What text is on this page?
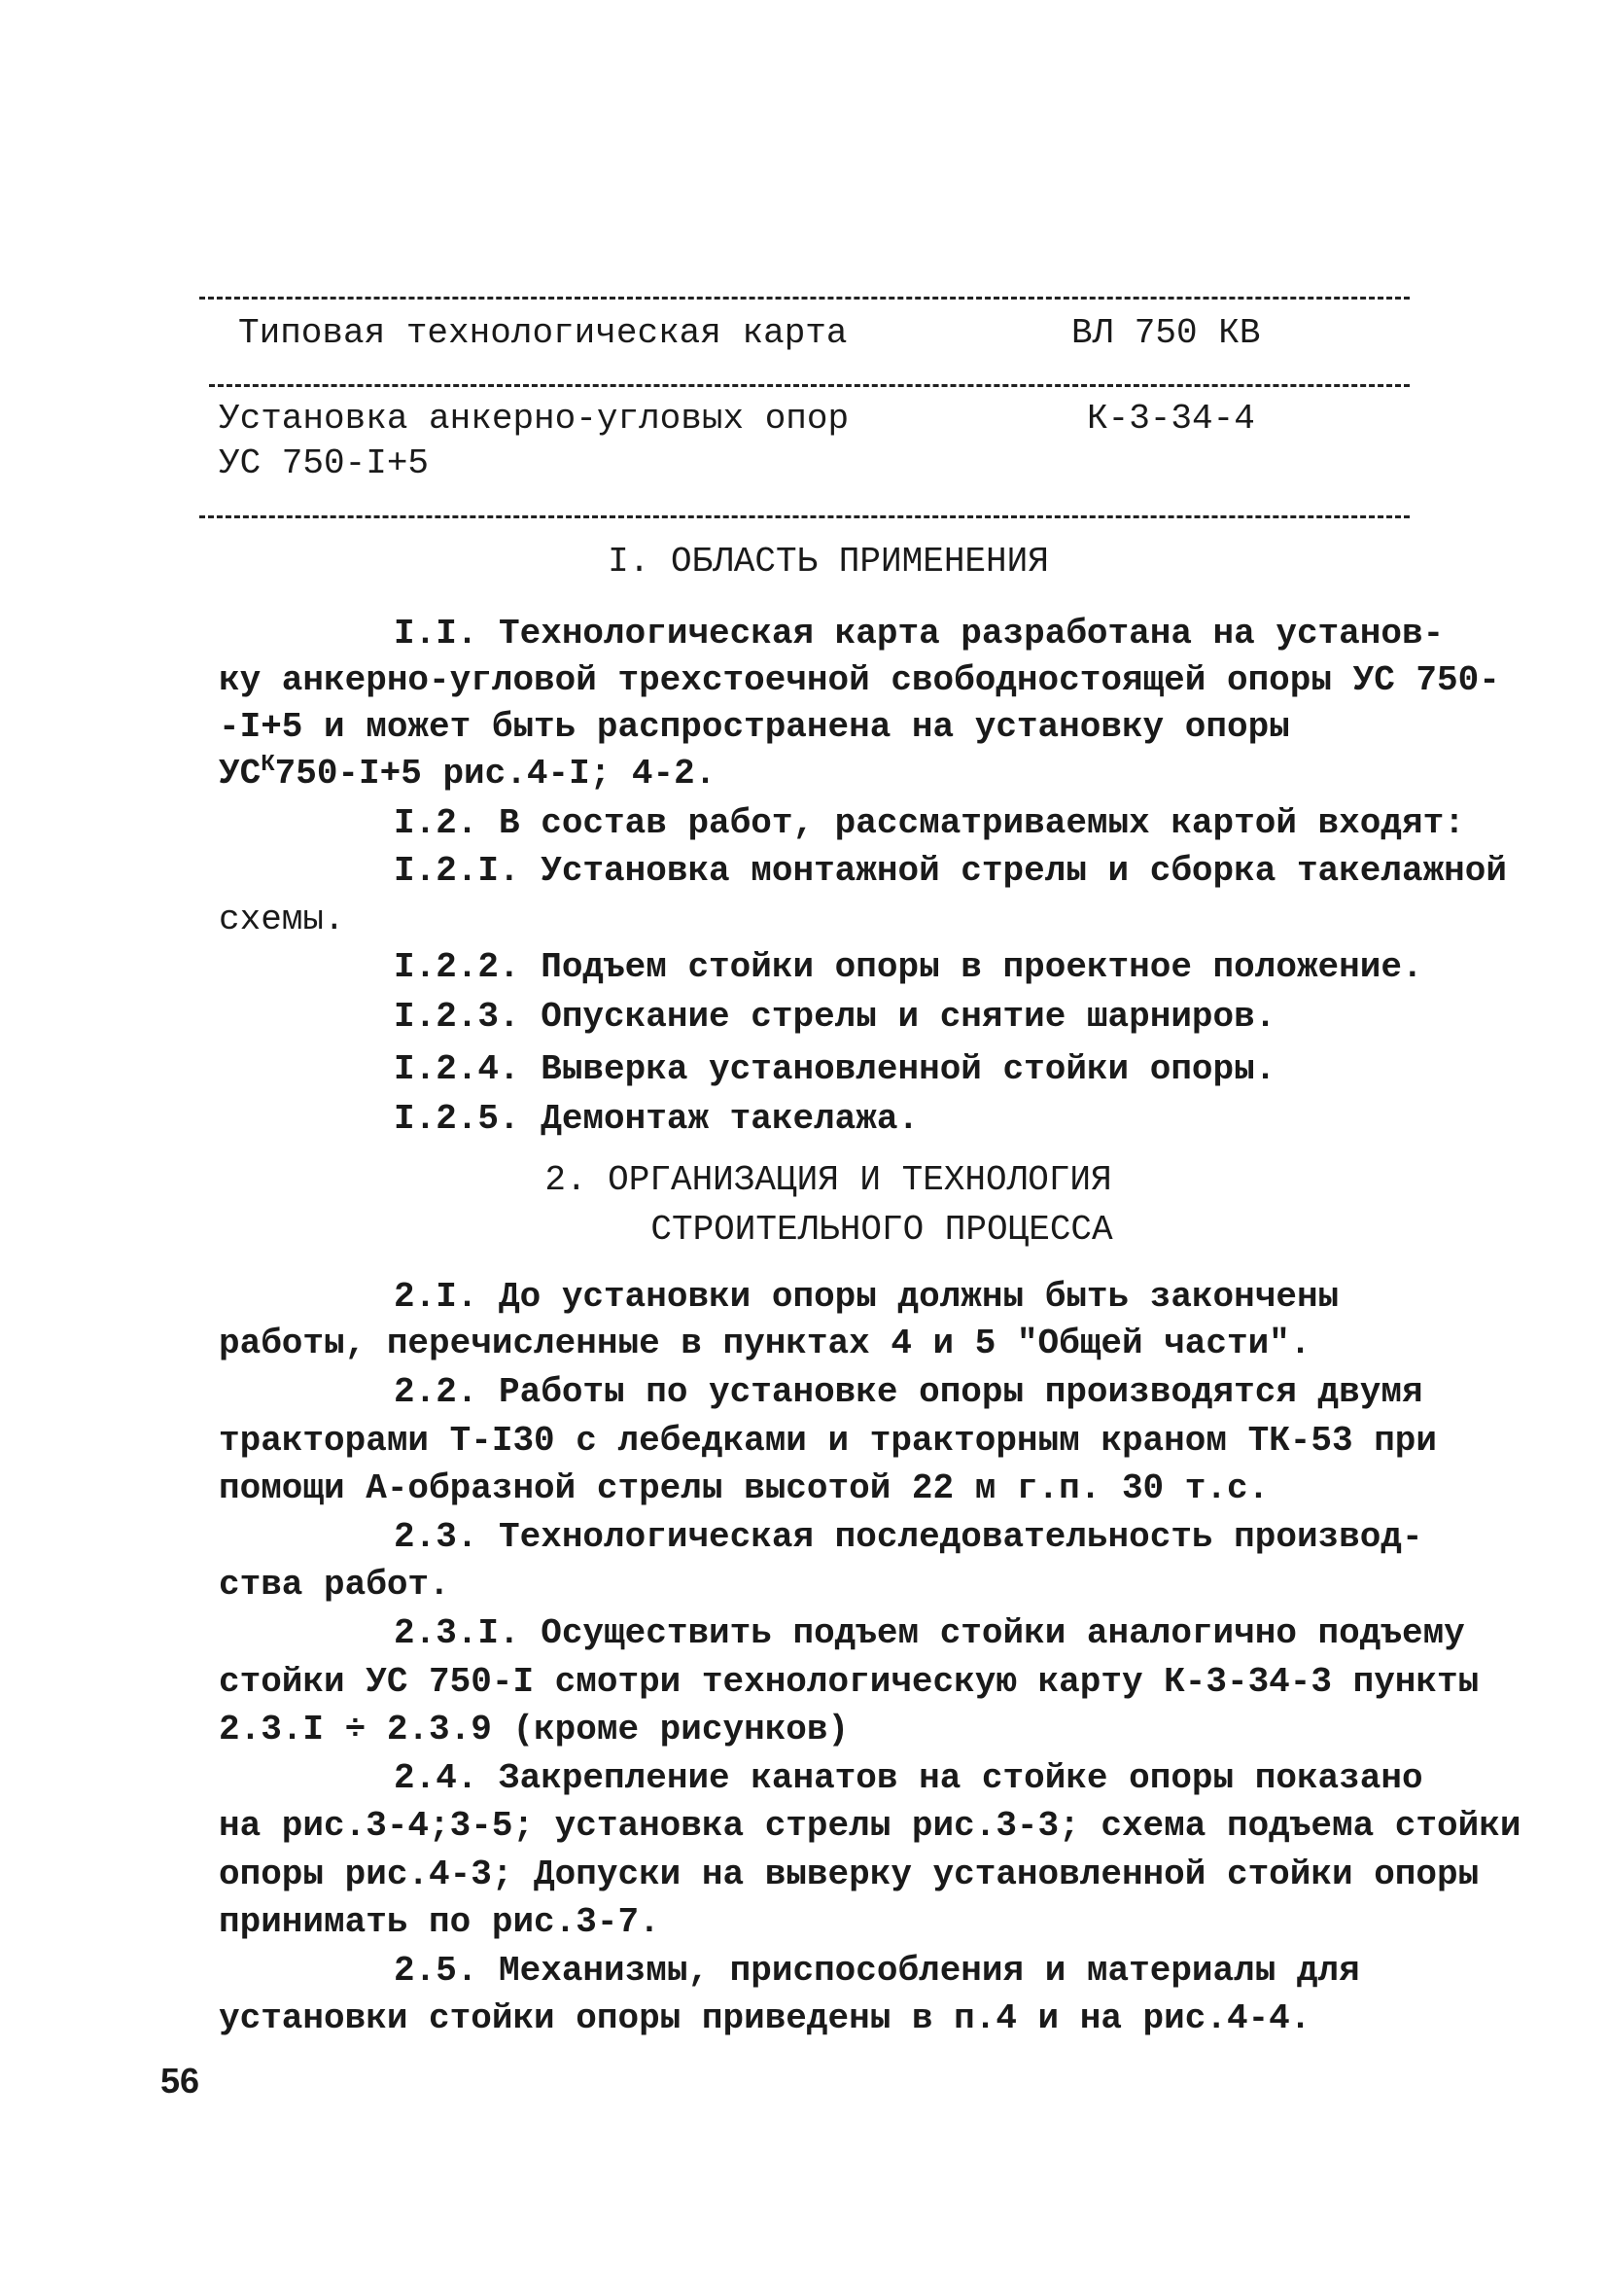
Типовая технологическая карта	ВЛ 750 КВ
Установка анкерно-угловых опор	К-3-34-4
УС 750-I+5
I. ОБЛАСТЬ ПРИМЕНЕНИЯ
I.I. Технологическая карта разработана на установ-
ку анкерно-угловой трехстоечной свободностоящей опоры УС 750-
-I+5 и может быть распространена на установку опоры
$УС^К750-I+5$ рис.4-I; 4-2.
I.2. В состав работ, рассматриваемых картой входят:
I.2.I. Установка монтажной стрелы и сборка такелажной
схемы.
I.2.2. Подъем стойки опоры в проектное положение.
I.2.3. Опускание стрелы и снятие шарниров.
I.2.4. Выверка установленной стойки опоры.
I.2.5. Демонтаж такелажа.
2. ОРГАНИЗАЦИЯ И ТЕХНОЛОГИЯ
СТРОИТЕЛЬНОГО ПРОЦЕССА
2.I. До установки опоры должны быть закончены
работы, перечисленные в пунктах 4 и 5 "Общей части".
2.2. Работы по установке опоры производятся двумя
тракторами Т-I30 с лебедками и тракторным краном ТК-53 при
помощи А-образной стрелы высотой 22 м г.п. 30 т.с.
2.3. Технологическая последовательность производ-
ства работ.
2.3.I. Осуществить подъем стойки аналогично подъему
стойки УС 750-I смотри технологическую карту К-3-34-3 пункты
2.3.I ÷ 2.3.9 (кроме рисунков)
2.4. Закрепление канатов на стойке опоры показано
на рис.3-4;3-5; установка стрелы рис.3-3; схема подъема стойки
опоры рис.4-3; Допуски на выверку установленной стойки опоры
принимать по рис.3-7.
2.5. Механизмы, приспособления и материалы для
установки стойки опоры приведены в п.4 и на рис.4-4.
56
